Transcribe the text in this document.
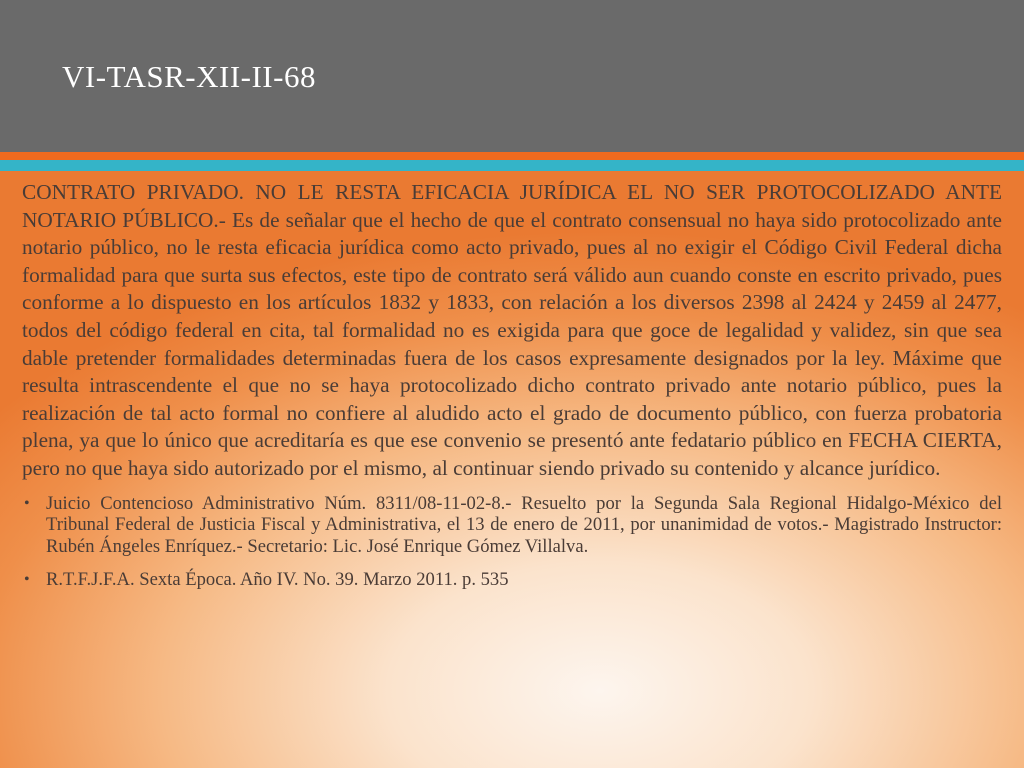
VI-TASR-XII-II-68

CONTRATO PRIVADO. NO LE RESTA EFICACIA JURÍDICA EL NO SER PROTOCOLIZADO ANTE NOTARIO PÚBLICO.- Es de señalar que el hecho de que el contrato consensual no haya sido protocolizado ante notario público, no le resta eficacia jurídica como acto privado, pues al no exigir el Código Civil Federal dicha formalidad para que surta sus efectos, este tipo de contrato será válido aun cuando conste en escrito privado, pues conforme a lo dispuesto en los artículos 1832 y 1833, con relación a los diversos 2398 al 2424 y 2459 al 2477, todos del código federal en cita, tal formalidad no es exigida para que goce de legalidad y validez, sin que sea dable pretender formalidades determinadas fuera de los casos expresamente designados por la ley. Máxime que resulta intrascendente el que no se haya protocolizado dicho contrato privado ante notario público, pues la realización de tal acto formal no confiere al aludido acto el grado de documento público, con fuerza probatoria plena, ya que lo único que acreditaría es que ese convenio se presentó ante fedatario público en FECHA CIERTA, pero no que haya sido autorizado por el mismo, al continuar siendo privado su contenido y alcance jurídico.

• Juicio Contencioso Administrativo Núm. 8311/08-11-02-8.- Resuelto por la Segunda Sala Regional Hidalgo-México del Tribunal Federal de Justicia Fiscal y Administrativa, el 13 de enero de 2011, por unanimidad de votos.- Magistrado Instructor: Rubén Ángeles Enríquez.- Secretario: Lic. José Enrique Gómez Villalva.
• R.T.F.J.F.A. Sexta Época. Año IV. No. 39. Marzo 2011. p. 535
